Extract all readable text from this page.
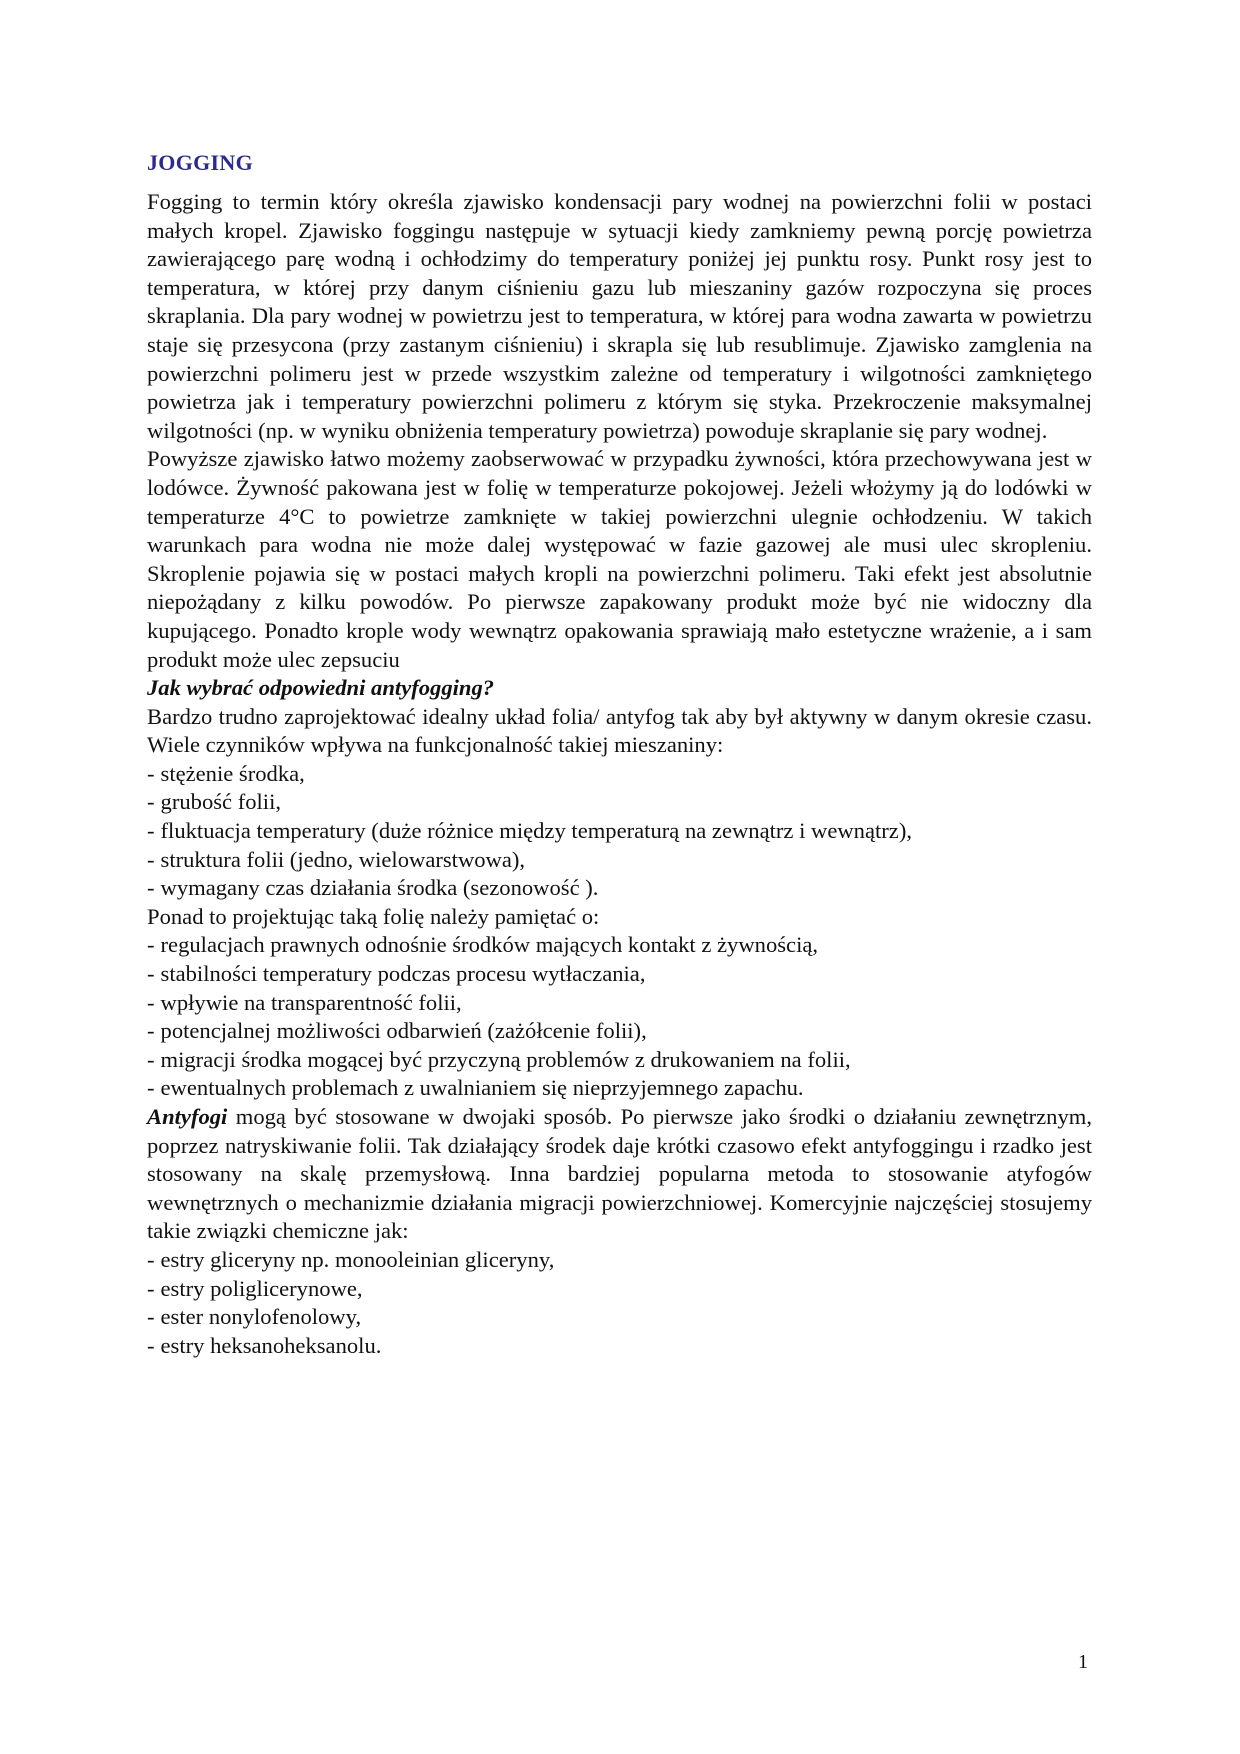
JOGGING

Fogging to termin który określa zjawisko kondensacji pary wodnej na powierzchni folii w postaci małych kropel. Zjawisko foggingu następuje w sytuacji kiedy zamkniemy pewną porcję powietrza zawierającego parę wodną i ochłodzimy do temperatury poniżej jej punktu rosy. Punkt rosy jest to temperatura, w której przy danym ciśnieniu gazu lub mieszaniny gazów rozpoczyna się proces skraplania. Dla pary wodnej w powietrzu jest to temperatura, w której para wodna zawarta w powietrzu staje się przesycona (przy zastanym ciśnieniu) i skrapla się lub resublimuje. Zjawisko zamglenia na powierzchni polimeru jest w przede wszystkim zależne od temperatury i wilgotności zamkniętego powietrza jak i temperatury powierzchni polimeru z którym się styka. Przekroczenie maksymalnej wilgotności (np. w wyniku obniżenia temperatury powietrza) powoduje skraplanie się pary wodnej.

Powyższe zjawisko łatwo możemy zaobserwować w przypadku żywności, która przechowywana jest w lodówce. Żywność pakowana jest w folię w temperaturze pokojowej. Jeżeli włożymy ją do lodówki w temperaturze 4°C to powietrze zamknięte w takiej powierzchni ulegnie ochłodzeniu. W takich warunkach para wodna nie może dalej występować w fazie gazowej ale musi ulec skropleniu. Skroplenie pojawia się w postaci małych kropli na powierzchni polimeru. Taki efekt jest absolutnie niepożądany z kilku powodów. Po pierwsze zapakowany produkt może być nie widoczny dla kupującego. Ponadto krople wody wewnątrz opakowania sprawiają mało estetyczne wrażenie, a i sam produkt może ulec zepsuciu

Jak wybrać odpowiedni antyfogging?

Bardzo trudno zaprojektować idealny układ folia/ antyfog tak aby był aktywny w danym okresie czasu. Wiele czynników wpływa na funkcjonalność takiej mieszaniny:

- stężenie środka,
- grubość folii,
- fluktuacja temperatury (duże różnice między temperaturą na zewnątrz i wewnątrz),
- struktura folii (jedno, wielowarstwowa),
- wymagany czas działania środka (sezonowość ).

Ponad to projektując taką folię należy pamiętać o:

- regulacjach prawnych odnośnie środków mających kontakt z żywnością,
- stabilności temperatury podczas procesu wytłaczania,
- wpływie na transparentność folii,
- potencjalnej możliwości odbarwień (zażółcenie folii),
- migracji środka mogącej być przyczyną problemów z drukowaniem na folii,
- ewentualnych problemach z uwalnianiem się nieprzyjemnego zapachu.

Antyfogi mogą być stosowane w dwojaki sposób. Po pierwsze jako środki o działaniu zewnętrznym, poprzez natryskiwanie folii. Tak działający środek daje krótki czasowo efekt antyfoggingu i rzadko jest stosowany na skalę przemysłową. Inna bardziej popularna metoda to stosowanie atyfogów wewnętrznych o mechanizmie działania migracji powierzchniowej. Komercyjnie najczęściej stosujemy takie związki chemiczne jak:

- estry gliceryny np. monooleinian gliceryny,
- estry poliglicerynowe,
- ester nonylofenolowy,
- estry heksanoheksanolu.
1
